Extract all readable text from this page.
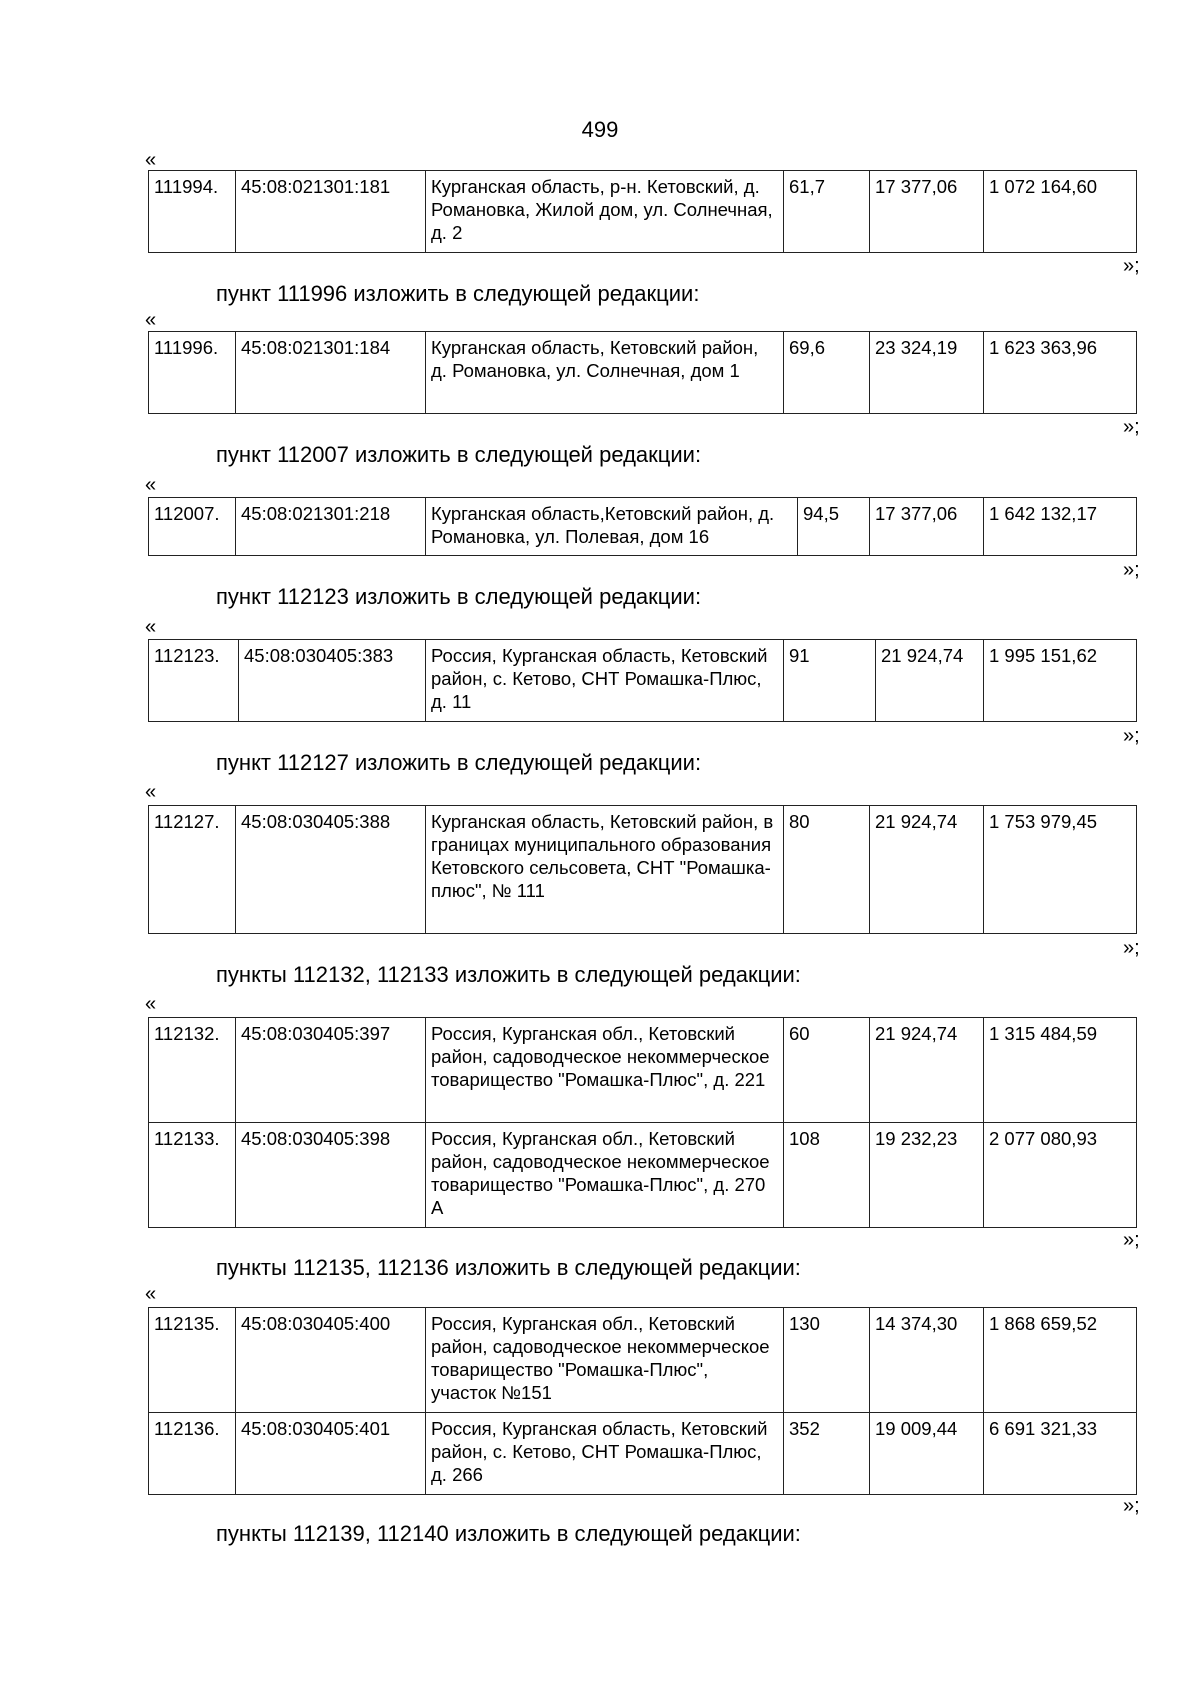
499
«
111994.	45:08:021301:181	Курганская область, р-н. Кетовский, д. Романовка, Жилой дом, ул. Солнечная, д. 2	61,7	17 377,06	1 072 164,60
»;
пункт 111996 изложить в следующей редакции:
«
111996.	45:08:021301:184	Курганская область, Кетовский район, д. Романовка, ул. Солнечная, дом 1	69,6	23 324,19	1 623 363,96
»;
пункт 112007 изложить в следующей редакции:
«
112007.	45:08:021301:218	Курганская область,Кетовский район, д. Романовка, ул. Полевая, дом 16	94,5	17 377,06	1 642 132,17
»;
пункт 112123 изложить в следующей редакции:
«
112123.	45:08:030405:383	Россия, Курганская область, Кетовский район, с. Кетово, СНТ Ромашка-Плюс, д. 11	91	21 924,74	1 995 151,62
»;
пункт 112127 изложить в следующей редакции:
«
112127.	45:08:030405:388	Курганская область, Кетовский район, в границах муниципального образования Кетовского сельсовета, СНТ "Ромашка-плюс", № 111	80	21 924,74	1 753 979,45
»;
пункты 112132, 112133 изложить в следующей редакции:
«
112132.	45:08:030405:397	Россия, Курганская обл., Кетовский район, садоводческое некоммерческое товарищество "Ромашка-Плюс", д. 221	60	21 924,74	1 315 484,59
112133.	45:08:030405:398	Россия, Курганская обл., Кетовский район, садоводческое некоммерческое товарищество "Ромашка-Плюс", д. 270 А	108	19 232,23	2 077 080,93
»;
пункты 112135, 112136 изложить в следующей редакции:
«
112135.	45:08:030405:400	Россия, Курганская обл., Кетовский район, садоводческое некоммерческое товарищество "Ромашка-Плюс", участок №151	130	14 374,30	1 868 659,52
112136.	45:08:030405:401	Россия, Курганская область, Кетовский район, с. Кетово, СНТ Ромашка-Плюс, д. 266	352	19 009,44	6 691 321,33
»;
пункты 112139, 112140 изложить в следующей редакции:
